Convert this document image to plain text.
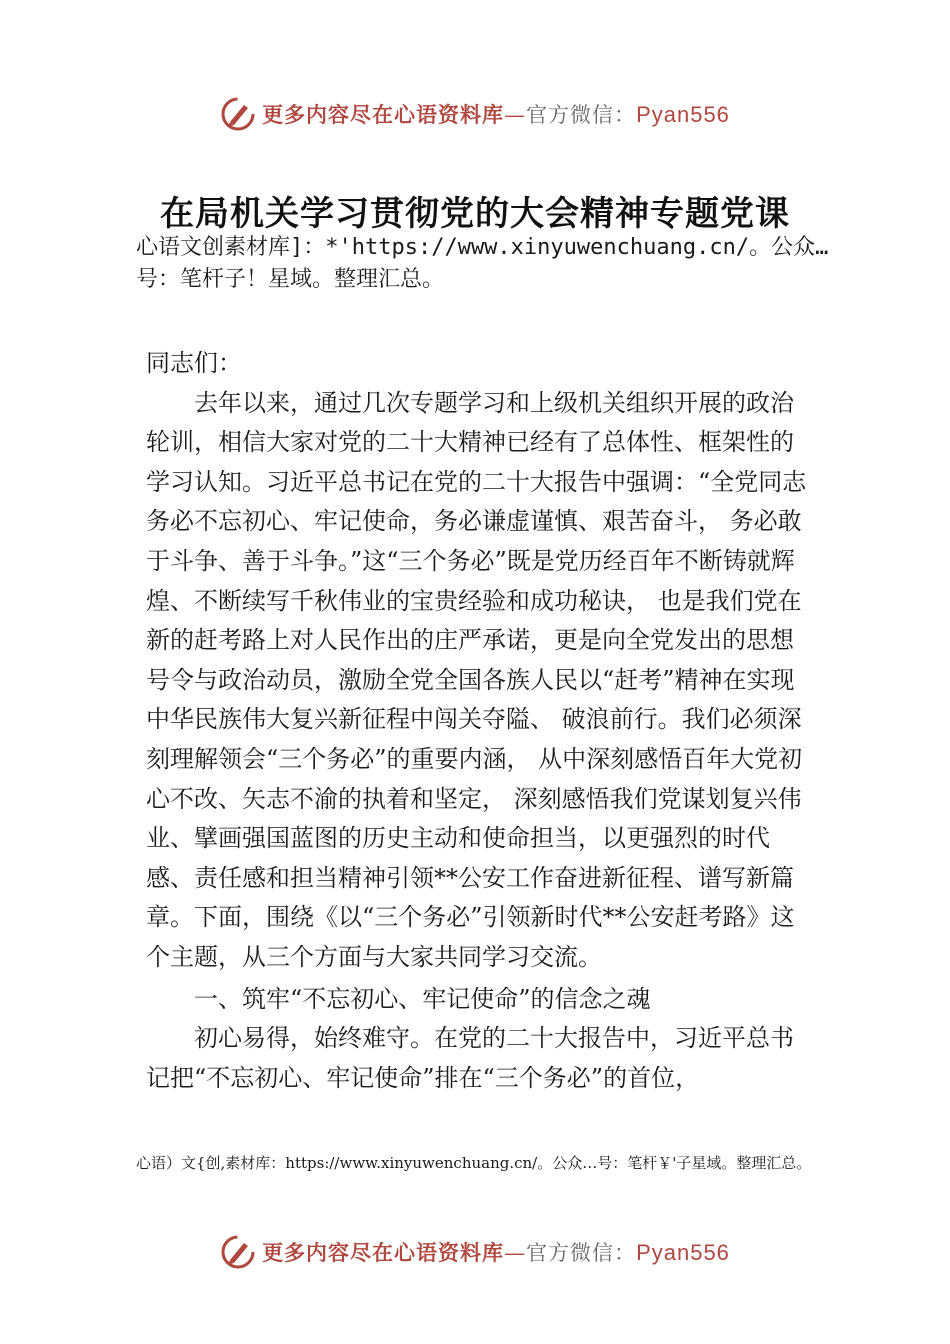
更多内容尽在心语资料库—官方微信：Pyan556
在局机关学习贯彻党的大会精神专题党课
心语文创素材库]：*'https://www.xinyuwenchuang.cn/。公众…号：笔杆子！星域。整理汇总。

同志们：

去年以来，通过几次专题学习和上级机关组织开展的政治轮训，相信大家对党的二十大精神已经有了总体性、框架性的学习认知。习近平总书记在党的二十大报告中强调：“全党同志务必不忘初心、牢记使命，务必谦虚谨慎、艰苦奋斗， 务必敢于斗争、善于斗争。”这“三个务必”既是党历经百年不断铸就辉煌、不断续写千秋伟业的宝贵经验和成功秘诀， 也是我们党在新的赶考路上对人民作出的庄严承诺，更是向全党发出的思想号令与政治动员，激励全党全国各族人民以“赶考”精神在实现中华民族伟大复兴新征程中闯关夺隘、 破浪前行。我们必须深刻理解领会“三个务必”的重要内涵， 从中深刻感悟百年大党初心不改、矢志不渝的执着和坚定， 深刻感悟我们党谋划复兴伟业、擘画强国蓝图的历史主动和使命担当，以更强烈的时代感、责任感和担当精神引领**公安工作奋进新征程、谱写新篇章。下面，围绕《以“三个务必”引领新时代**公安赶考路》这个主题，从三个方面与大家共同学习交流。

一、筑牢“不忘初心、牢记使命”的信念之魂

初心易得，始终难守。在党的二十大报告中，习近平总书记把“不忘初心、牢记使命”排在“三个务必”的首位，

心语）文{创,素材库：https://www.xinyuwenchuang.cn/。公众…号：笔杆￥'子星域。整理汇总。
更多内容尽在心语资料库—官方微信：Pyan556
